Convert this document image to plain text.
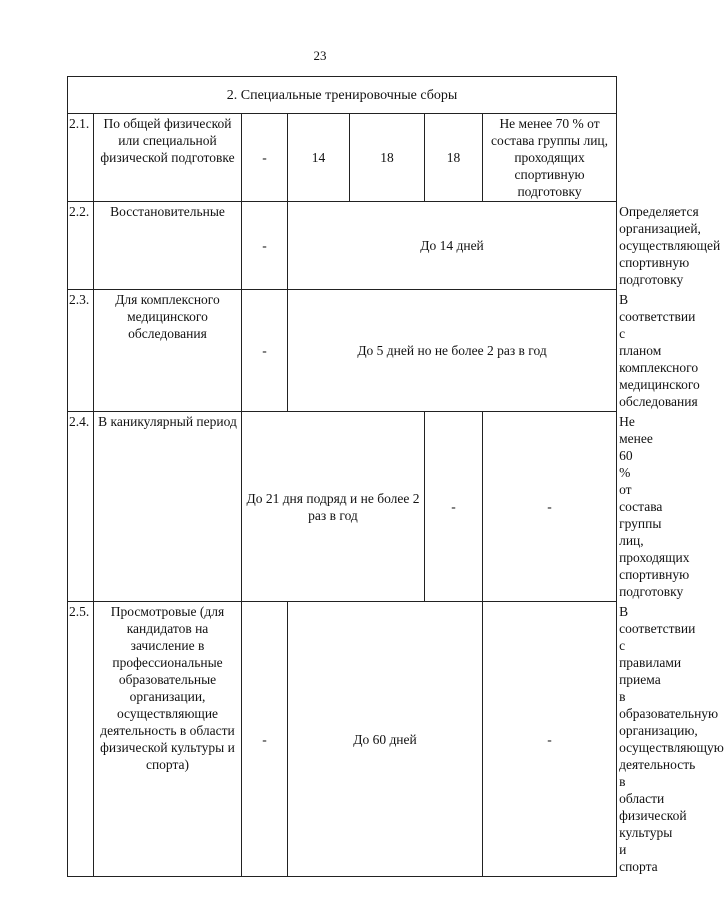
23
2. Специальные тренировочные сборы							
2.1.	По общей физической или специальной физической подготовке	-	14	18	18	Не менее 70 % от состава группы лиц, проходящих спортивную подготовку	
2.2.	Восстановительные	-	До 14 дней				Определяется организацией, осуществляющей спортивную подготовку
2.3.	Для комплексного медицинского обследования	-	До 5 дней но не более 2 раз в год				В соответствии с планом комплексного медицинского обследования
2.4.	В каникулярный период	До 21 дня подряд и не более 2 раз в год			-	-	Не менее 60 % от состава группы лиц, проходящих спортивную подготовку
2.5.	Просмотровые (для кандидатов на зачисление в профессиональные образовательные организации, осуществляющие деятельность в области физической культуры и спорта)	-	До 60 дней			-	В соответствии с правилами приема в образовательную организацию, осуществляющую деятельность в области физической культуры и спорта
